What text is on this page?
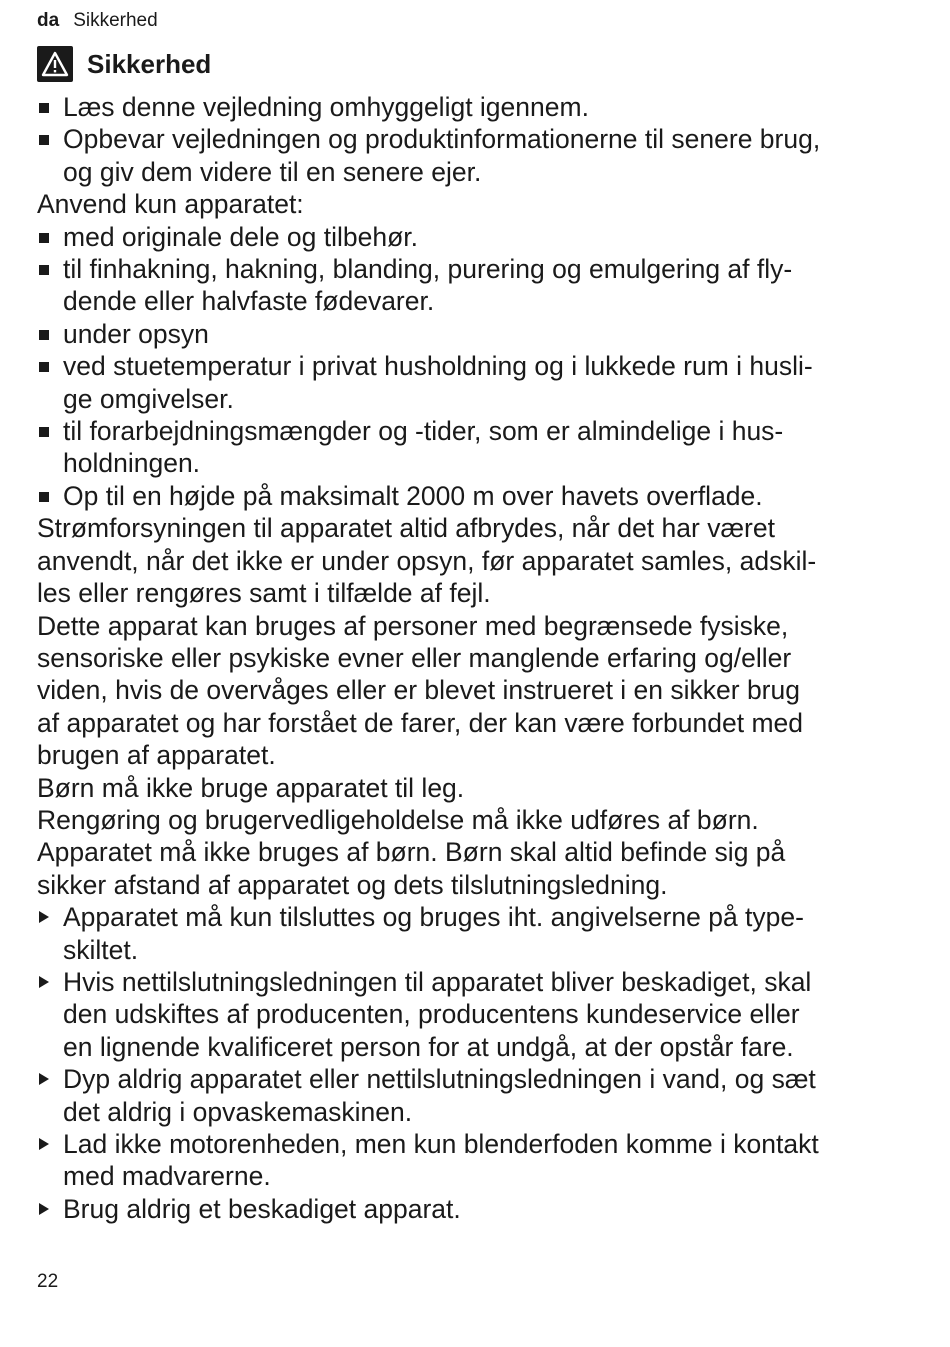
da Sikkerhed
Sikkerhed
Læs denne vejledning omhyggeligt igennem.
Opbevar vejledningen og produktinformationerne til senere brug,
og giv dem videre til en senere ejer.
Anvend kun apparatet:
med originale dele og tilbehør.
til finhakning, hakning, blanding, purering og emulgering af fly-
dende eller halvfaste fødevarer.
under opsyn
ved stuetemperatur i privat husholdning og i lukkede rum i husli-
ge omgivelser.
til forarbejdningsmængder og -tider, som er almindelige i hus-
holdningen.
Op til en højde på maksimalt 2000 m over havets overflade.
Strømforsyningen til apparatet altid afbrydes, når det har været
anvendt, når det ikke er under opsyn, før apparatet samles, adskil-
les eller rengøres samt i tilfælde af fejl.
Dette apparat kan bruges af personer med begrænsede fysiske,
sensoriske eller psykiske evner eller manglende erfaring og/eller
viden, hvis de overvåges eller er blevet instrueret i en sikker brug
af apparatet og har forstået de farer, der kan være forbundet med
brugen af apparatet.
Børn må ikke bruge apparatet til leg.
Rengøring og brugervedligeholdelse må ikke udføres af børn.
Apparatet må ikke bruges af børn. Børn skal altid befinde sig på
sikker afstand af apparatet og dets tilslutningsledning.
Apparatet må kun tilsluttes og bruges iht. angivelserne på type-
skiltet.
Hvis nettilslutningsledningen til apparatet bliver beskadiget, skal
den udskiftes af producenten, producentens kundeservice eller
en lignende kvalificeret person for at undgå, at der opstår fare.
Dyp aldrig apparatet eller nettilslutningsledningen i vand, og sæt
det aldrig i opvaskemaskinen.
Lad ikke motorenheden, men kun blenderfoden komme i kontakt
med madvarerne.
Brug aldrig et beskadiget apparat.
22
